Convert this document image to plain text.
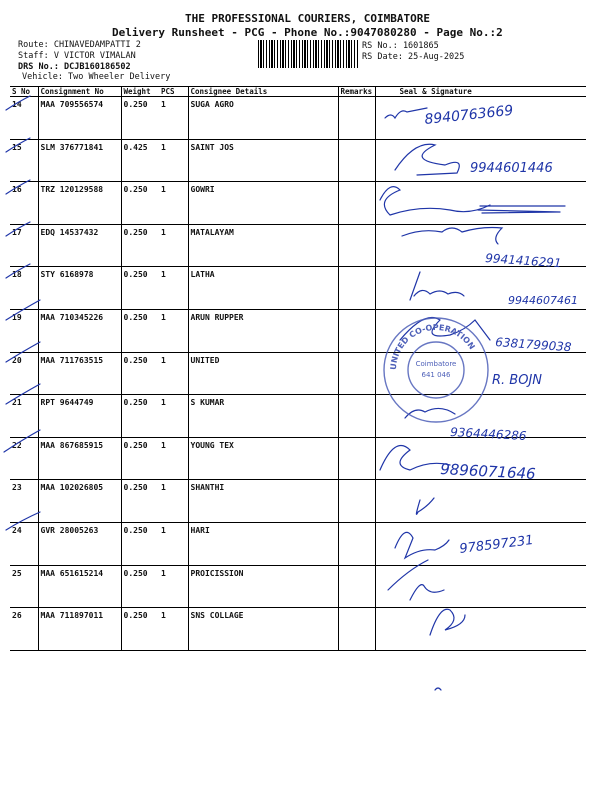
THE PROFESSIONAL COURIERS, COIMBATORE
Delivery Runsheet - PCG - Phone No.:9047080280 - Page No.:2
Route: CHINAVEDAMPATTI 2
Staff: V VICTOR VIMALAN
DRS No.: DCJB160186502
Vehicle: Two Wheeler Delivery
RS No.: 1601865
RS Date: 25-Aug-2025
S No	Consignment No	Weight	PCS	Consignee Details	Remarks	Seal & Signature
14	MAA 709556574	0.250	1	SUGA AGRO		
15	SLM 376771841	0.425	1	SAINT JOS		
16	TRZ 120129588	0.250	1	GOWRI		
17	EDQ 14537432	0.250	1	MATALAYAM		
18	STY 6168978	0.250	1	LATHA		
19	MAA 710345226	0.250	1	ARUN RUPPER		
20	MAA 711763515	0.250	1	UNITED		
21	RPT 9644749	0.250	1	S KUMAR		
22	MAA 867685915	0.250	1	YOUNG TEX		
23	MAA 102026805	0.250	1	SHANTHI		
24	GVR 28005263	0.250	1	HARI		
25	MAA 651615214	0.250	1	PROICISSION		
26	MAA 711897011	0.250	1	SNS COLLAGE		
UNITED CO-OPERATION
Coimbatore
641 046
8940763669
9944601446
9941416291
9944607461
6381799038
R. BOJN
9364446286
9896071646
978597231
